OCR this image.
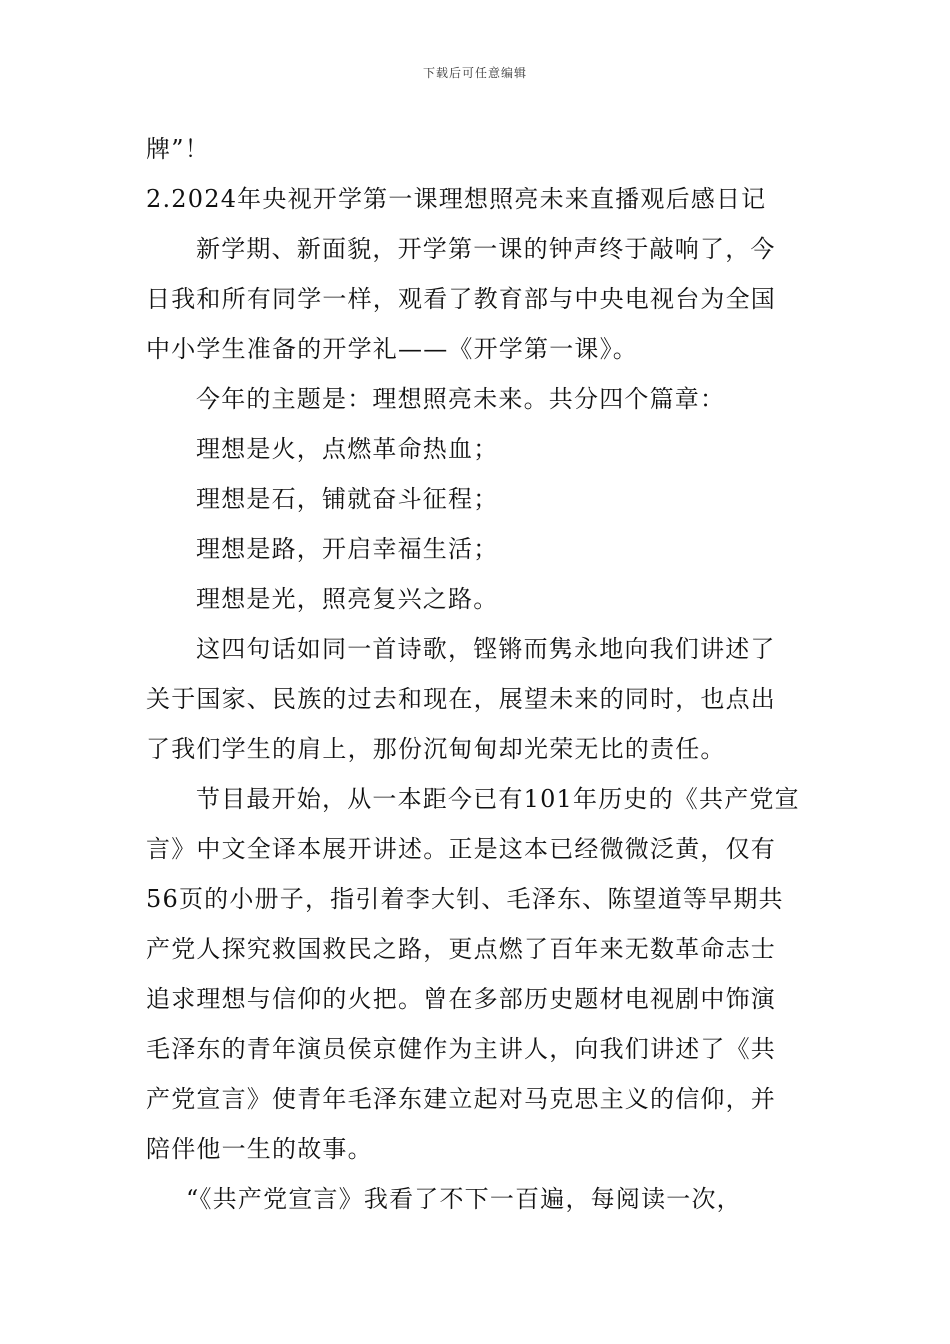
下载后可任意编辑
牌”！
2.2024年央视开学第一课理想照亮未来直播观后感日记
新学期、新面貌，开学第一课的钟声终于敲响了，今
日我和所有同学一样，观看了教育部与中央电视台为全国
中小学生准备的开学礼——《开学第一课》。
今年的主题是：理想照亮未来。共分四个篇章：
理想是火，点燃革命热血；
理想是石，铺就奋斗征程；
理想是路，开启幸福生活；
理想是光，照亮复兴之路。
这四句话如同一首诗歌，铿锵而隽永地向我们讲述了
关于国家、民族的过去和现在，展望未来的同时，也点出
了我们学生的肩上，那份沉甸甸却光荣无比的责任。
节目最开始，从一本距今已有101年历史的《共产党宣
言》中文全译本展开讲述。正是这本已经微微泛黄，仅有
56页的小册子，指引着李大钊、毛泽东、陈望道等早期共
产党人探究救国救民之路，更点燃了百年来无数革命志士
追求理想与信仰的火把。曾在多部历史题材电视剧中饰演
毛泽东的青年演员侯京健作为主讲人，向我们讲述了《共
产党宣言》使青年毛泽东建立起对马克思主义的信仰，并
陪伴他一生的故事。
“《共产党宣言》我看了不下一百遍，每阅读一次，
